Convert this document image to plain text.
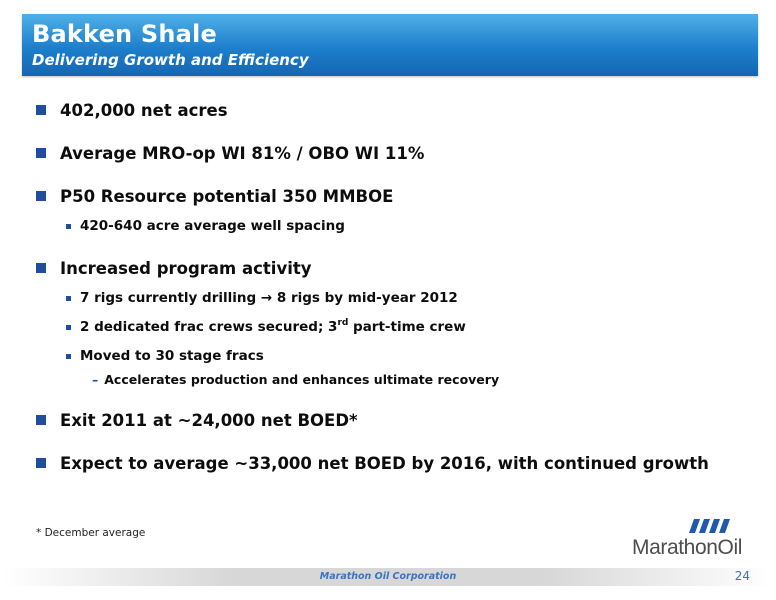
Bakken Shale
Delivering Growth and Efficiency
402,000 net acres
Average MRO-op WI 81% / OBO WI 11%
P50 Resource potential 350 MMBOE
420-640 acre average well spacing
Increased program activity
7 rigs currently drilling → 8 rigs by mid-year 2012
2 dedicated frac crews secured; 3rd part-time crew
Moved to 30 stage fracs
– Accelerates production and enhances ultimate recovery
Exit 2011 at ~24,000 net BOED*
Expect to average ~33,000 net BOED by 2016, with continued growth
* December average
MarathonOil
Marathon Oil Corporation	24
